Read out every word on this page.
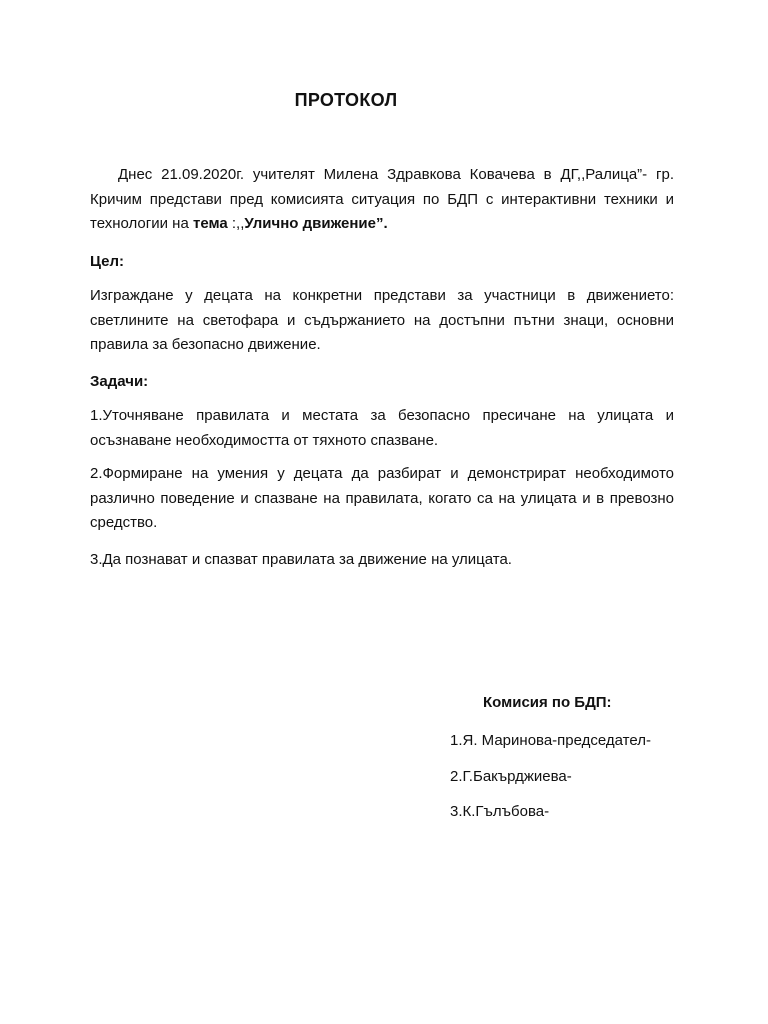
ПРОТОКОЛ
Днес 21.09.2020г. учителят Милена Здравкова Ковачева в ДГ,,Ралица”- гр. Кричим представи пред комисията ситуация по БДП с интерактивни техники и технологии на тема :,,Улично движение”.
Цел:
Изграждане у децата на конкретни представи за участници в движението: светлините на светофара и съдържанието на достъпни пътни знаци, основни правила за безопасно движение.
Задачи:
1.Уточняване правилата и местата за безопасно пресичане на улицата и осъзнаване необходимостта от тяхното спазване.
2.Формиране на умения у децата да разбират и демонстрират необходимото различно поведение и спазване на правилата, когато са на улицата и в превозно средство.
3.Да познават и спазват правилата за движение на улицата.
Комисия по БДП:
1.Я. Маринова-председател-
2.Г.Бакърджиева-
3.К.Гълъбова-
